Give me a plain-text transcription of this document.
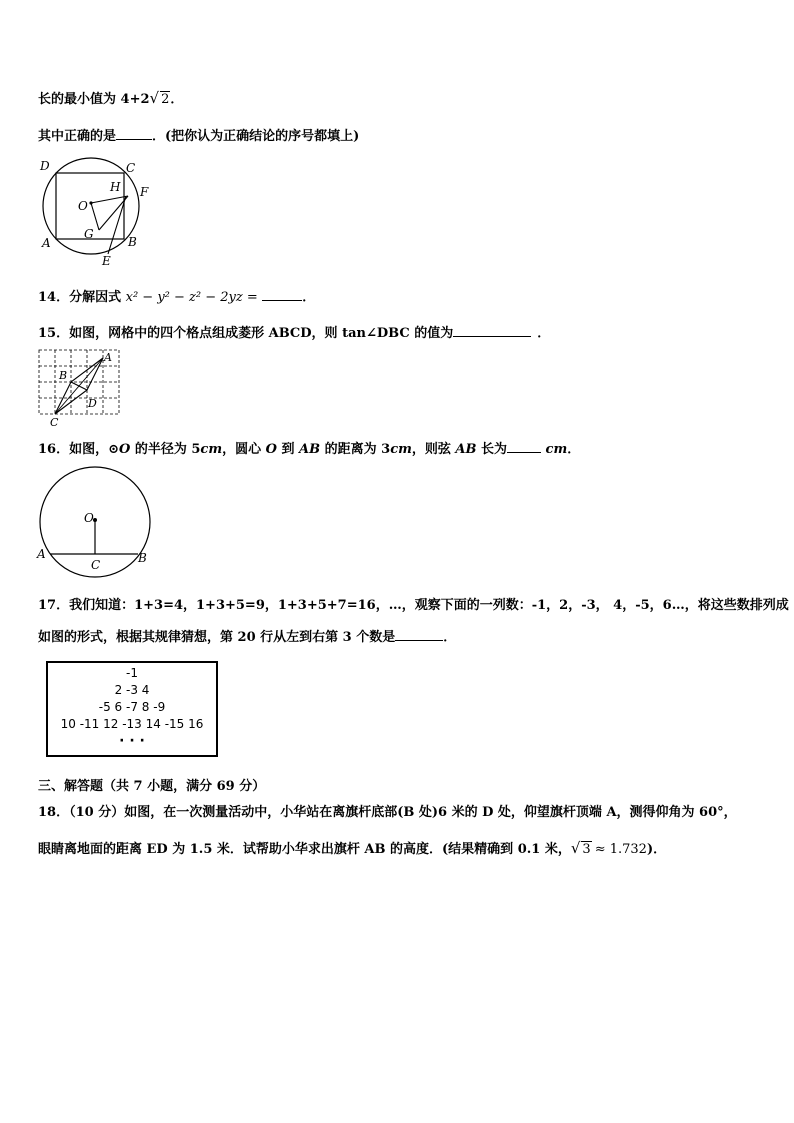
长的最小值为 4+2√ 2．
其中正确的是	．(把你认为正确结论的序号都填上)
D	C
H F
O
G
A	B
E
14．分解因式 x² − y² − z² − 2yz =	．
15．如图，网格中的四个格点组成菱形 ABCD，则 tan∠DBC 的值为	．
A
B
D
C
16．如图，⊙O 的半径为 5cm，圆心 O 到 AB 的距离为 3cm，则弦 AB 长为	cm．
O
A	B
C
17．我们知道：1+3=4，1+3+5=9，1+3+5+7=16，…，观察下面的一列数：-1，2，-3， 4，-5，6…，将这些数排列成
如图的形式，根据其规律猜想，第 20 行从左到右第 3 个数是	．
-1
2 -3 4
-5 6 -7 8 -9
10 -11 12 -13 14 -15 16
· · ·
三、解答题（共 7 小题，满分 69 分）
18．（10 分）如图，在一次测量活动中，小华站在离旗杆底部(B 处)6 米的 D 处，仰望旗杆顶端 A，测得仰角为 60°，
眼睛离地面的距离 ED 为 1.5 米．试帮助小华求出旗杆 AB 的高度．(结果精确到 0.1 米，√ 3 ≈ 1.732)．
